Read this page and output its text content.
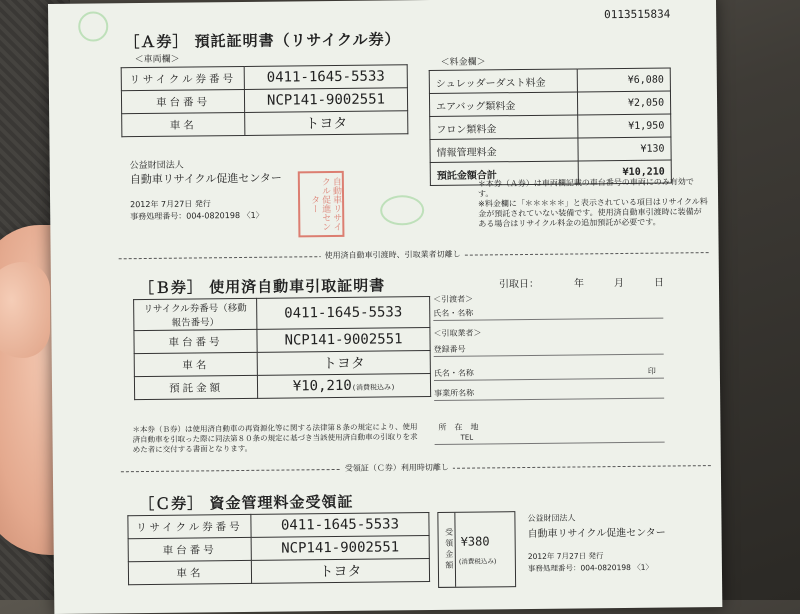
0113515834
［Ａ券］ 預託証明書（リサイクル券）
＜車両欄＞
リサイクル券番号	0411-1645-5533
車台番号	NCP141-9002551
車名	トヨタ
＜料金欄＞
シュレッダーダスト料金	¥6,080
エアバッグ類料金	¥2,050
フロン類料金	¥1,950
情報管理料金	¥130
預託金額合計	¥10,210
公益財団法人
自動車リサイクル促進センター
2012年 7月27日 発行
事務処理番号：004-0820198 〈1〉	自動車リサイクル促進センター
＊本券（Ａ券）は車両欄記載の車台番号の車両にのみ有効です。
※料金欄に「＊＊＊＊＊」と表示されている項目はリサイクル料金が預託されていない装備です。使用済自動車引渡時に装備がある場合はリサイクル料金の追加預託が必要です。
使用済自動車引渡時、引取業者切離し
［Ｂ券］ 使用済自動車引取証明書	引取日：　　　　年　　　月　　　日
リサイクル券番号（移動報告番号）	0411-1645-5533
車台番号	NCP141-9002551
車名	トヨタ
預託金額	¥10,210(消費税込み)
＜引渡者＞
氏名・名称
＜引取業者＞
登録番号
氏名・名称	印
事業所名称
所　在　地
TEL
＊本券（Ｂ券）は使用済自動車の再資源化等に関する法律第８条の規定により、使用済自動車を引取った際に同法第８０条の規定に基づき当該使用済自動車の引取りを求めた者に交付する書面となります。
受領証（Ｃ券）利用時切離し
［Ｃ券］ 資金管理料金受領証
リサイクル券番号	0411-1645-5533
車台番号	NCP141-9002551
車名	トヨタ
受領金額 ¥380
(消費税込み)
公益財団法人
自動車リサイクル促進センター
2012年 7月27日 発行
事務処理番号：004-0820198 〈1〉
